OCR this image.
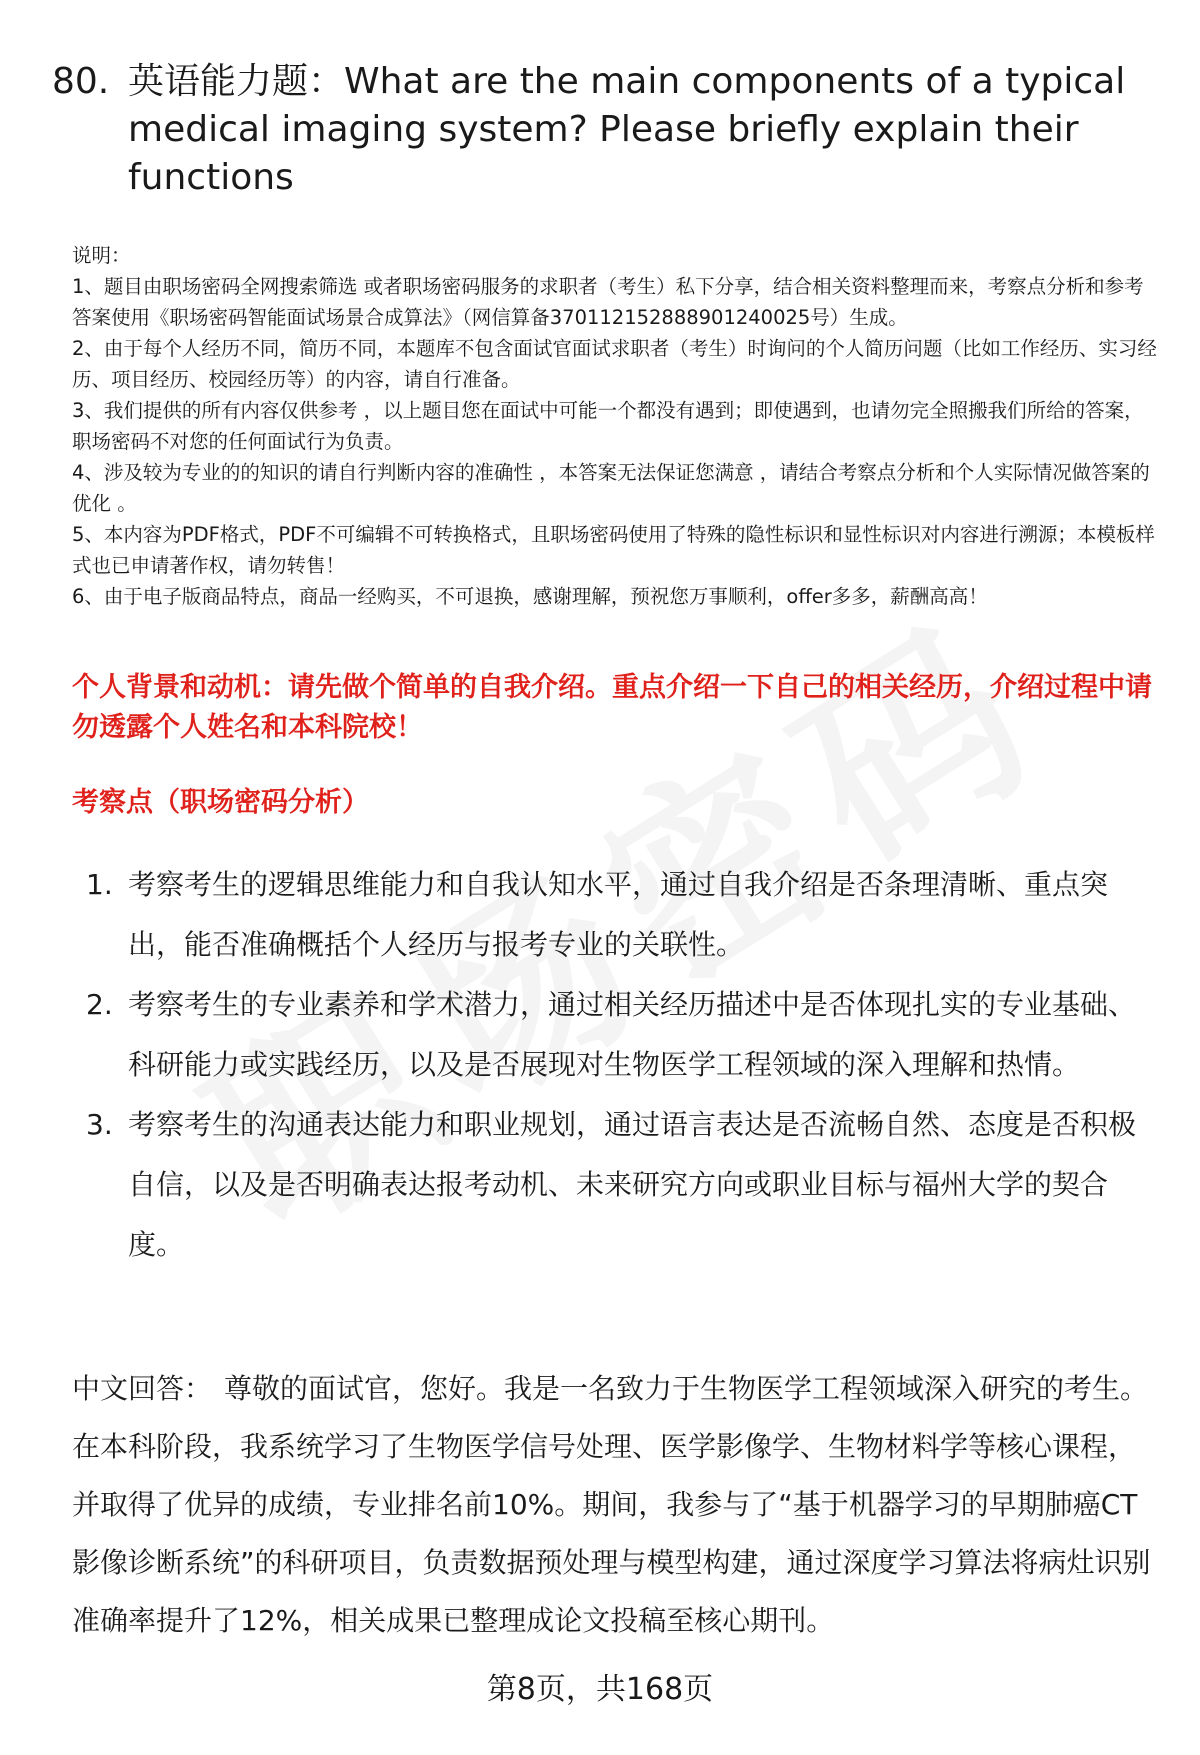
80. 英语能力题：What are the main components of a typical medical imaging system? Please briefly explain their functions

说明：

1、题目由职场密码全网搜索筛选 或者职场密码服务的求职者（考生）私下分享，结合相关资料整理而来，考察点分析和参考答案使用《职场密码智能面试场景合成算法》（网信算备370112152888901240025号）生成。

2、由于每个人经历不同，简历不同，本题库不包含面试官面试求职者（考生）时询问的个人简历问题（比如工作经历、实习经历、项目经历、校园经历等）的内容，请自行准备。

3、我们提供的所有内容仅供参考 ，以上题目您在面试中可能一个都没有遇到；即使遇到，也请勿完全照搬我们所给的答案，职场密码不对您的任何面试行为负责。

4、涉及较为专业的的知识的请自行判断内容的准确性 ，本答案无法保证您满意 ，请结合考察点分析和个人实际情况做答案的优化 。

5、本内容为PDF格式，PDF不可编辑不可转换格式，且职场密码使用了特殊的隐性标识和显性标识对内容进行溯源；本模板样式也已申请著作权，请勿转售！

6、由于电子版商品特点，商品一经购买，不可退换，感谢理解，预祝您万事顺利，offer多多，薪酬高高！

个人背景和动机：请先做个简单的自我介绍。重点介绍一下自己的相关经历，介绍过程中请勿透露个人姓名和本科院校！
考察点（职场密码分析）
1. 考察考生的逻辑思维能力和自我认知水平，通过自我介绍是否条理清晰、重点突出，能否准确概括个人经历与报考专业的关联性。
2. 考察考生的专业素养和学术潜力，通过相关经历描述中是否体现扎实的专业基础、科研能力或实践经历，以及是否展现对生物医学工程领域的深入理解和热情。
3. 考察考生的沟通表达能力和职业规划，通过语言表达是否流畅自然、态度是否积极自信，以及是否明确表达报考动机、未来研究方向或职业目标与福州大学的契合度。
中文回答： 尊敬的面试官，您好。我是一名致力于生物医学工程领域深入研究的考生。在本科阶段，我系统学习了生物医学信号处理、医学影像学、生物材料学等核心课程，并取得了优异的成绩，专业排名前10%。期间，我参与了“基于机器学习的早期肺癌CT影像诊断系统”的科研项目，负责数据预处理与模型构建，通过深度学习算法将病灶识别准确率提升了12%，相关成果已整理成论文投稿至核心期刊。
第8页，共168页
